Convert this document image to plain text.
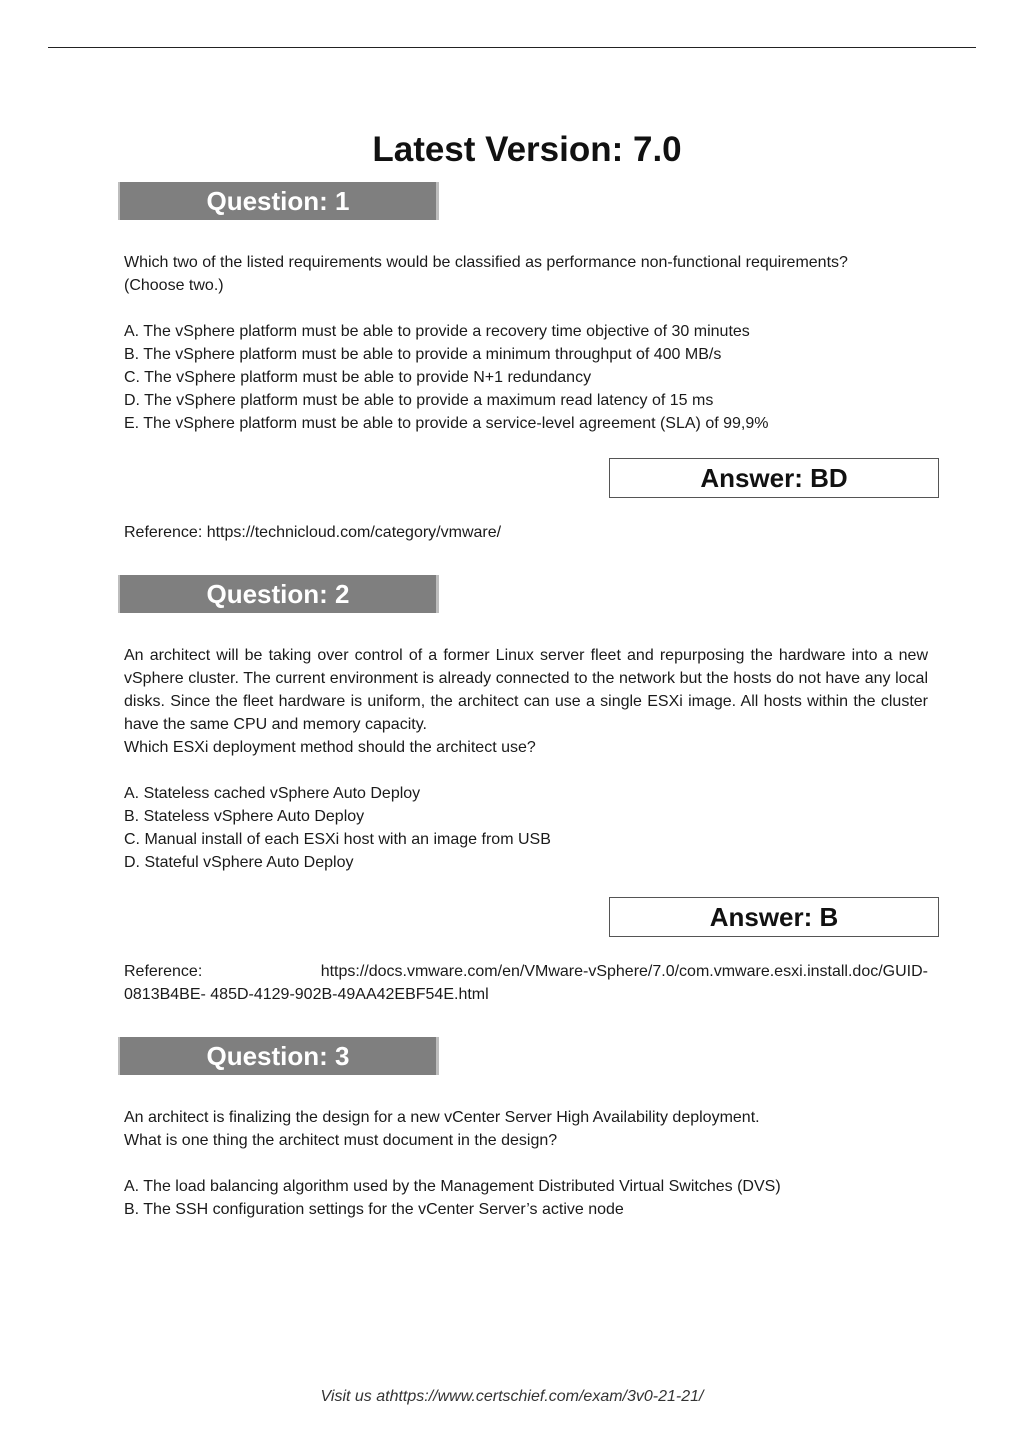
Latest Version: 7.0
Question: 1

Which two of the listed requirements would be classified as performance non-functional requirements?

(Choose two.)

A. The vSphere platform must be able to provide a recovery time objective of 30 minutes

B. The vSphere platform must be able to provide a minimum throughput of 400 MB/s

C. The vSphere platform must be able to provide N+1 redundancy

D. The vSphere platform must be able to provide a maximum read latency of 15 ms

E. The vSphere platform must be able to provide a service-level agreement (SLA) of 99,9%

Answer: BD
Reference: https://technicloud.com/category/vmware/
Question: 2

An architect will be taking over control of a former Linux server fleet and repurposing the hardware into a new vSphere cluster. The current environment is already connected to the network but the hosts do not have any local disks. Since the fleet hardware is uniform, the architect can use a single ESXi image. All hosts within the cluster have the same CPU and memory capacity.

Which ESXi deployment method should the architect use?

A. Stateless cached vSphere Auto Deploy

B. Stateless vSphere Auto Deploy

C. Manual install of each ESXi host with an image from USB

D. Stateful vSphere Auto Deploy

Answer: B
Reference:	https://docs.vmware.com/en/VMware-vSphere/7.0/com.vmware.esxi.install.doc/GUID-

0813B4BE- 485D-4129-902B-49AA42EBF54E.html

Question: 3

An architect is finalizing the design for a new vCenter Server High Availability deployment.

What is one thing the architect must document in the design?

A. The load balancing algorithm used by the Management Distributed Virtual Switches (DVS)

B. The SSH configuration settings for the vCenter Server’s active node

Visit us athttps://www.certschief.com/exam/3v0-21-21/
